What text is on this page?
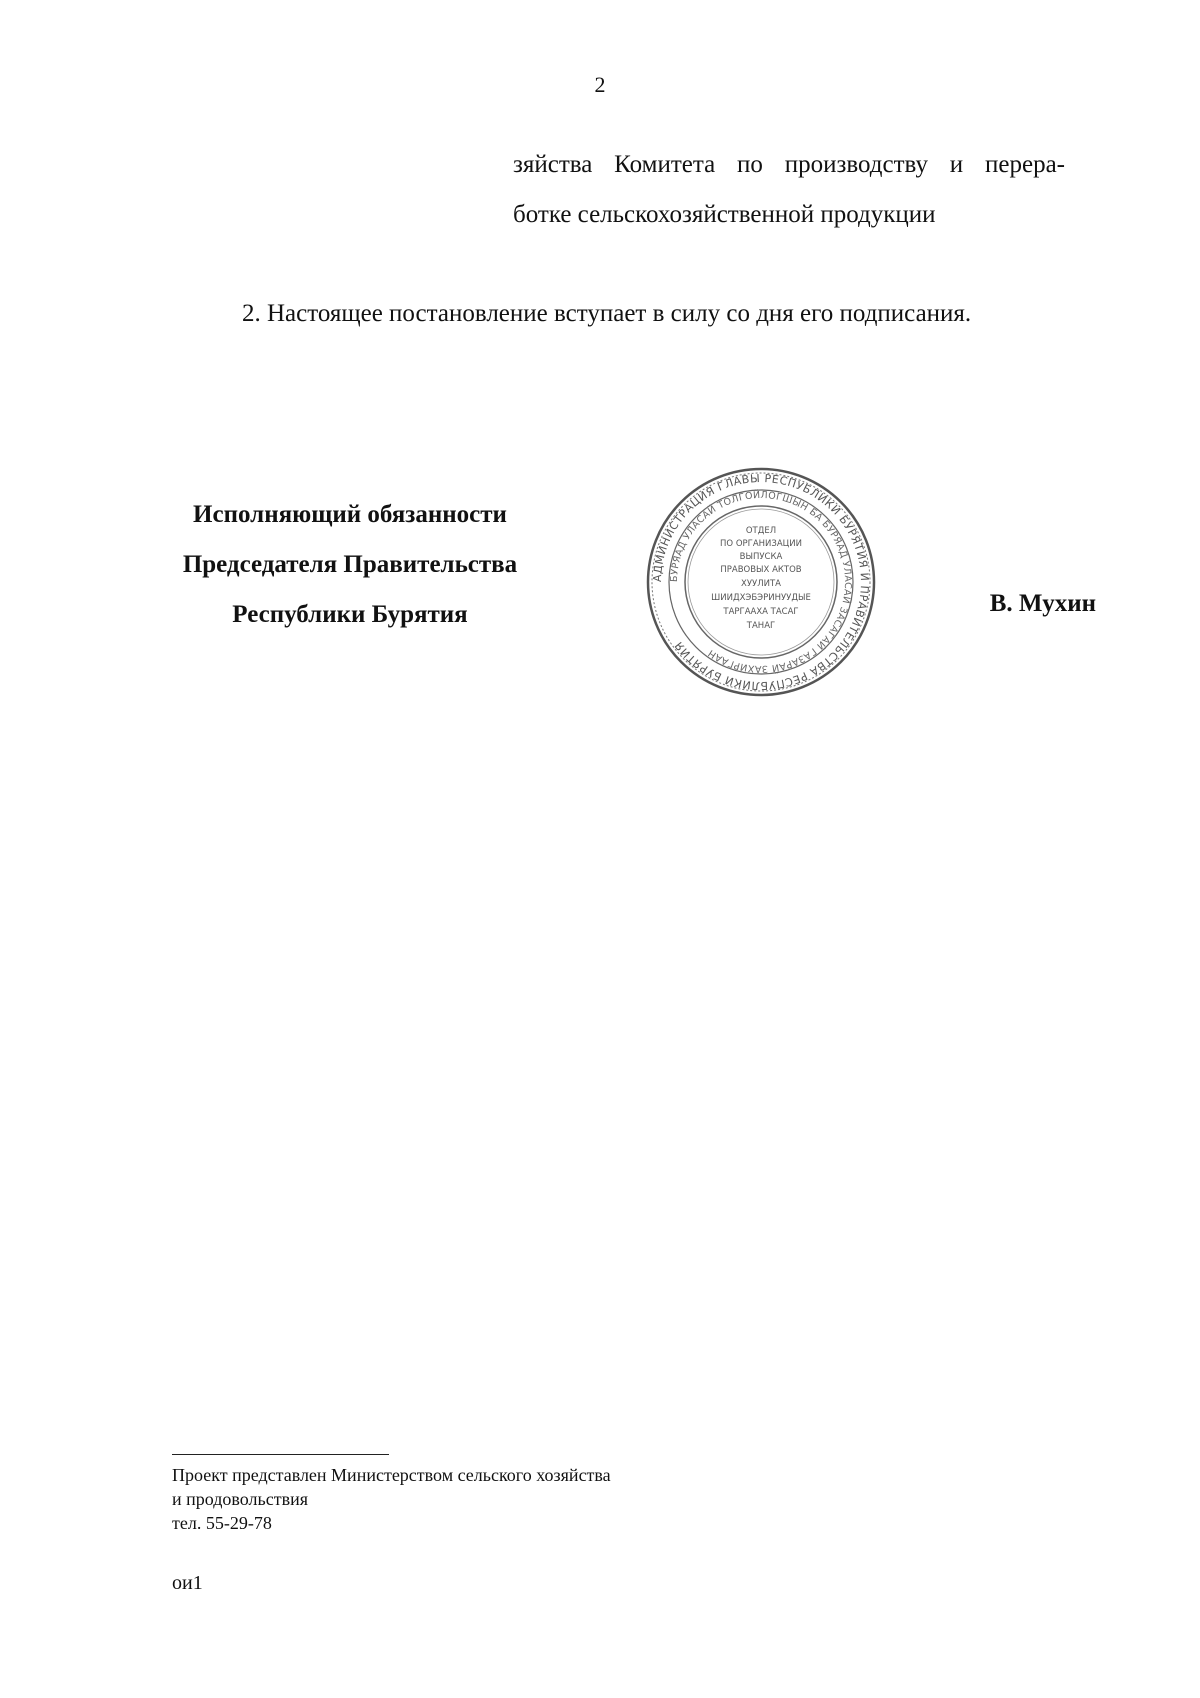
2
зяйства Комитета по производству и перера-
ботке сельскохозяйственной продукции
2. Настоящее постановление вступает в силу со дня его подписания.
Исполняющий обязанности
Председателя Правительства
Республики Бурятия
АДМИНИСТРАЦИЯ ГЛАВЫ РЕСПУБЛИКИ БУРЯТИЯ И ПРАВИТЕЛЬСТВА РЕСПУБЛИКИ БУРЯТИЯ
БУРЯАД УЛАСАЙ ТОЛГОЙЛОГШЫН БА БУРЯАД УЛАСАЙ ЗАСАГАЙ ГАЗАРАЙ ЗАХИРГААН
ОТДЕЛ
ПО ОРГАНИЗАЦИИ
ВЫПУСКА
ПРАВОВЫХ АКТОВ
ХУУЛИТА
ШИИДХЭБЭРИНУУДЫЕ
ТАРГААХА ТАСАГ
ТАНАГ
В. Мухин
Проект представлен Министерством сельского хозяйства
и продовольствия
тел. 55-29-78
ои1
